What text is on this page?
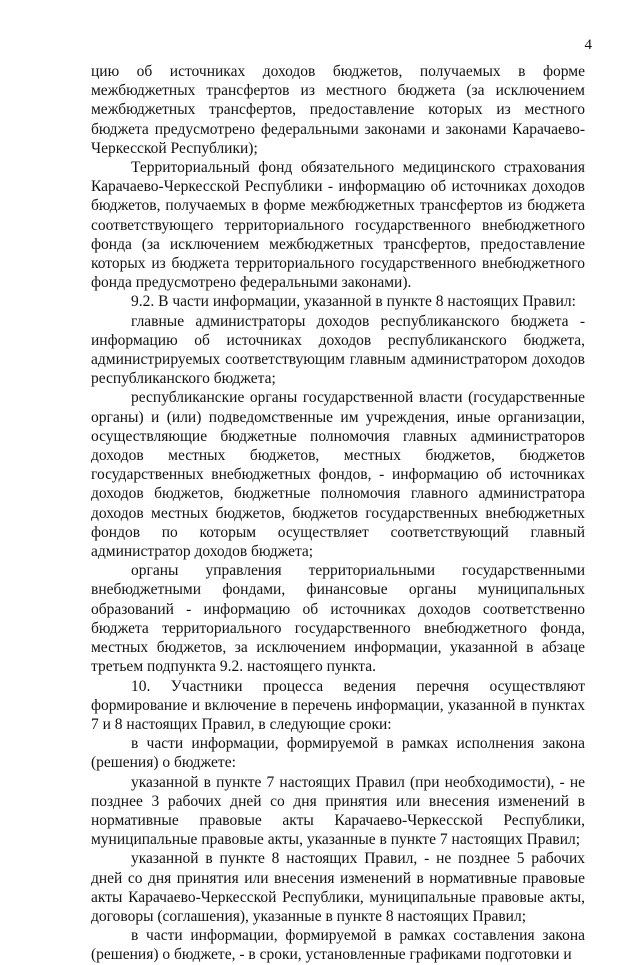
4

цию об источниках доходов бюджетов, получаемых в форме межбюджетных трансфертов из местного бюджета (за исключением межбюджетных трансфертов, предоставление которых из местного бюджета предусмотрено федеральными законами и законами Карачаево-Черкесской Республики);

Территориальный фонд обязательного медицинского страхования Карачаево-Черкесской Республики - информацию об источниках доходов бюджетов, получаемых в форме межбюджетных трансфертов из бюджета соответствующего территориального государственного внебюджетного фонда (за исключением межбюджетных трансфертов, предоставление которых из бюджета территориального государственного внебюджетного фонда предусмотрено федеральными законами).

9.2. В части информации, указанной в пункте 8 настоящих Правил:

главные администраторы доходов республиканского бюджета - информацию об источниках доходов республиканского бюджета, администрируемых соответствующим главным администратором доходов республиканского бюджета;

республиканские органы государственной власти (государственные органы) и (или) подведомственные им учреждения, иные организации, осуществляющие бюджетные полномочия главных администраторов доходов местных бюджетов, местных бюджетов, бюджетов государственных внебюджетных фондов, - информацию об источниках доходов бюджетов, бюджетные полномочия главного администратора доходов местных бюджетов, бюджетов государственных внебюджетных фондов по которым осуществляет соответствующий главный администратор доходов бюджета;

органы управления территориальными государственными внебюджетными фондами, финансовые органы муниципальных образований - информацию об источниках доходов соответственно бюджета территориального государственного внебюджетного фонда, местных бюджетов, за исключением информации, указанной в абзаце третьем подпункта 9.2. настоящего пункта.

10. Участники процесса ведения перечня осуществляют формирование и включение в перечень информации, указанной в пунктах 7 и 8 настоящих Правил, в следующие сроки:

в части информации, формируемой в рамках исполнения закона (решения) о бюджете:

указанной в пункте 7 настоящих Правил (при необходимости), - не позднее 3 рабочих дней со дня принятия или внесения изменений в нормативные правовые акты Карачаево-Черкесской Республики, муниципальные правовые акты, указанные в пункте 7 настоящих Правил;

указанной в пункте 8 настоящих Правил, - не позднее 5 рабочих дней со дня принятия или внесения изменений в нормативные правовые акты Карачаево-Черкесской Республики, муниципальные правовые акты, договоры (соглашения), указанные в пункте 8 настоящих Правил;

в части информации, формируемой в рамках составления закона (решения) о бюджете, - в сроки, установленные графиками подготовки и
